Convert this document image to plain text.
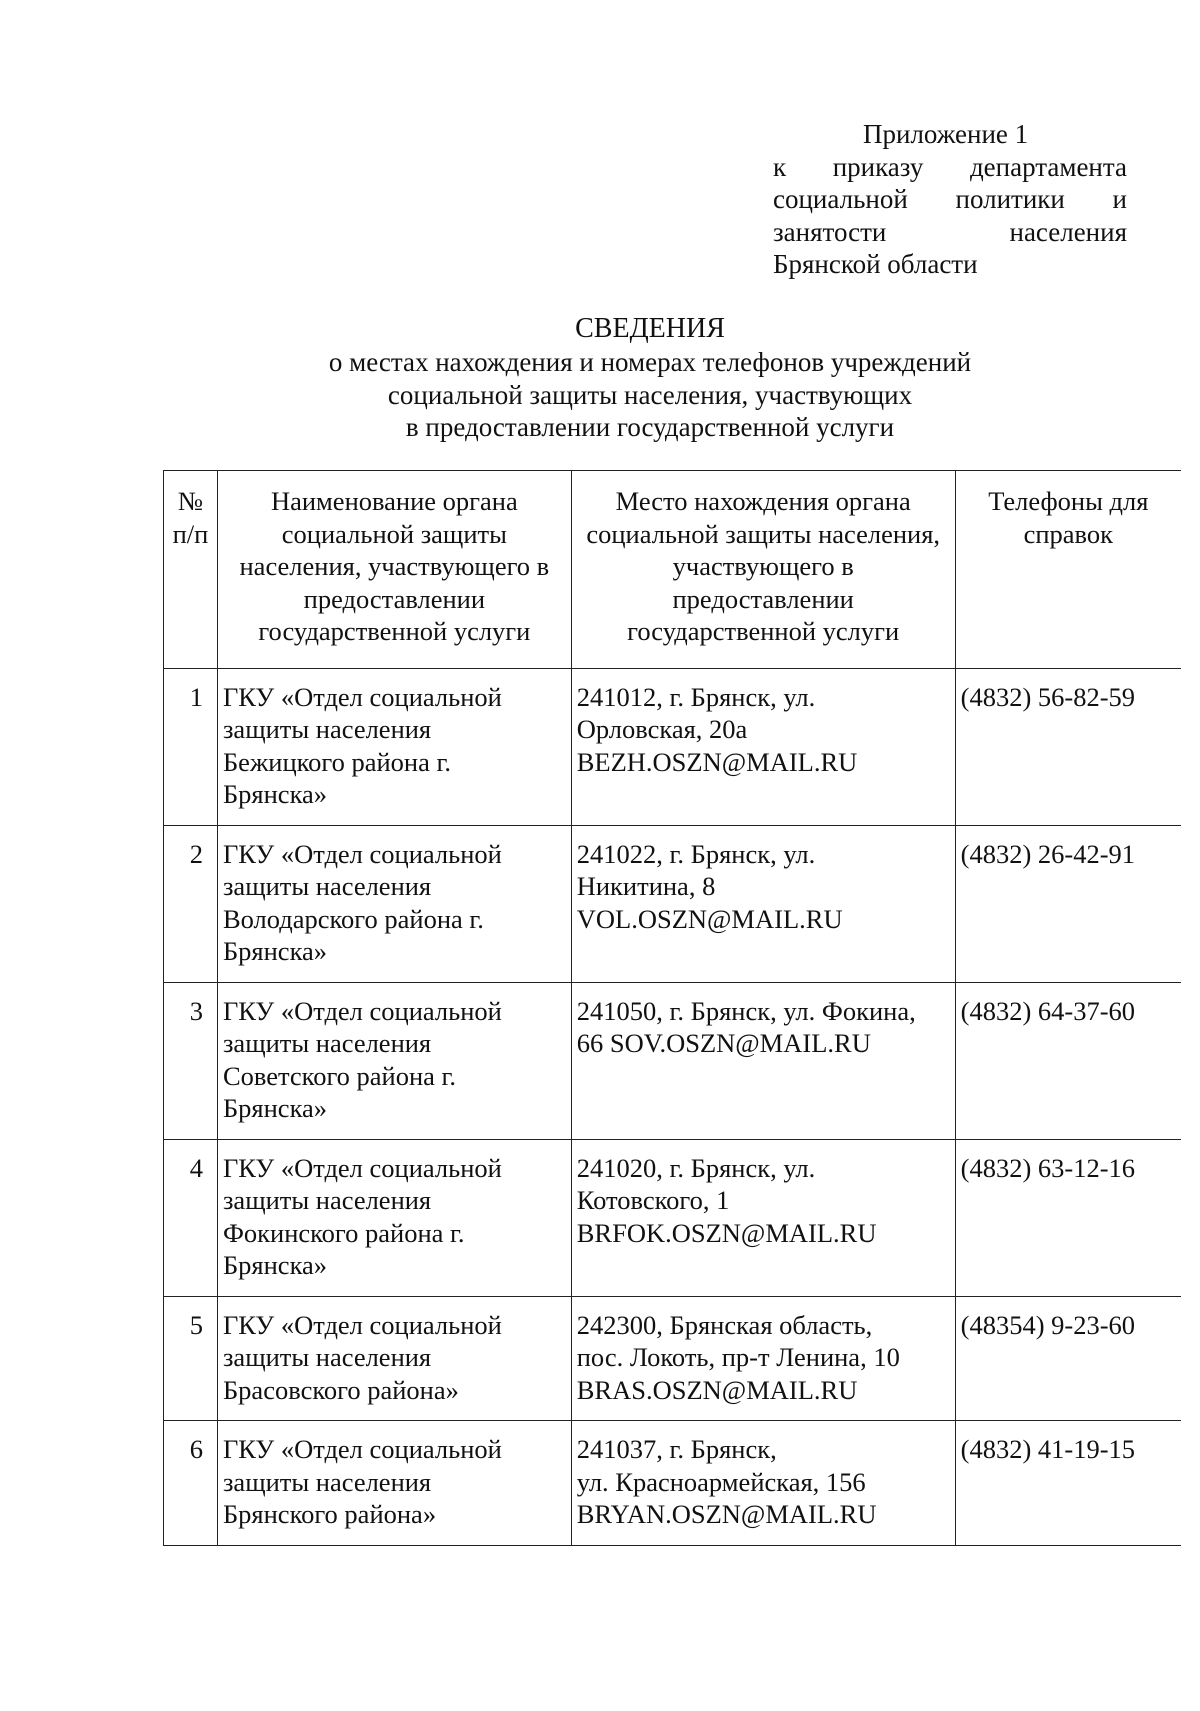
Приложение 1
к приказу департамента
социальной политики и
занятости населения
Брянской области
СВЕДЕНИЯ
о местах нахождения и номерах телефонов учреждений
социальной защиты населения, участвующих
в предоставлении государственной услуги
№
п/п	Наименование органа
социальной защиты
населения, участвующего в
предоставлении
государственной услуги	Место нахождения органа
социальной защиты населения,
участвующего в
предоставлении
государственной услуги	Телефоны для
справок

1	ГКУ «Отдел социальной
защиты населения
Бежицкого района г.
Брянска»	241012, г. Брянск, ул.
Орловская, 20а
BEZH.OSZN@MAIL.RU	(4832) 56-82-59
2	ГКУ «Отдел социальной
защиты населения
Володарского района г.
Брянска»	241022, г. Брянск, ул.
Никитина, 8
VOL.OSZN@MAIL.RU	(4832) 26-42-91
3	ГКУ «Отдел социальной
защиты населения
Советского района г.
Брянска»	241050, г. Брянск, ул. Фокина,
66 SOV.OSZN@MAIL.RU	(4832) 64-37-60
4	ГКУ «Отдел социальной
защиты населения
Фокинского района г.
Брянска»	241020, г. Брянск, ул.
Котовского, 1
BRFOK.OSZN@MAIL.RU	(4832) 63-12-16
5	ГКУ «Отдел социальной
защиты населения
Брасовского района»	242300, Брянская область,
пос. Локоть, пр-т Ленина, 10
BRAS.OSZN@MAIL.RU	(48354) 9-23-60
6	ГКУ «Отдел социальной
защиты населения
Брянского района»	241037, г. Брянск,
ул. Красноармейская, 156
BRYAN.OSZN@MAIL.RU	(4832) 41-19-15
